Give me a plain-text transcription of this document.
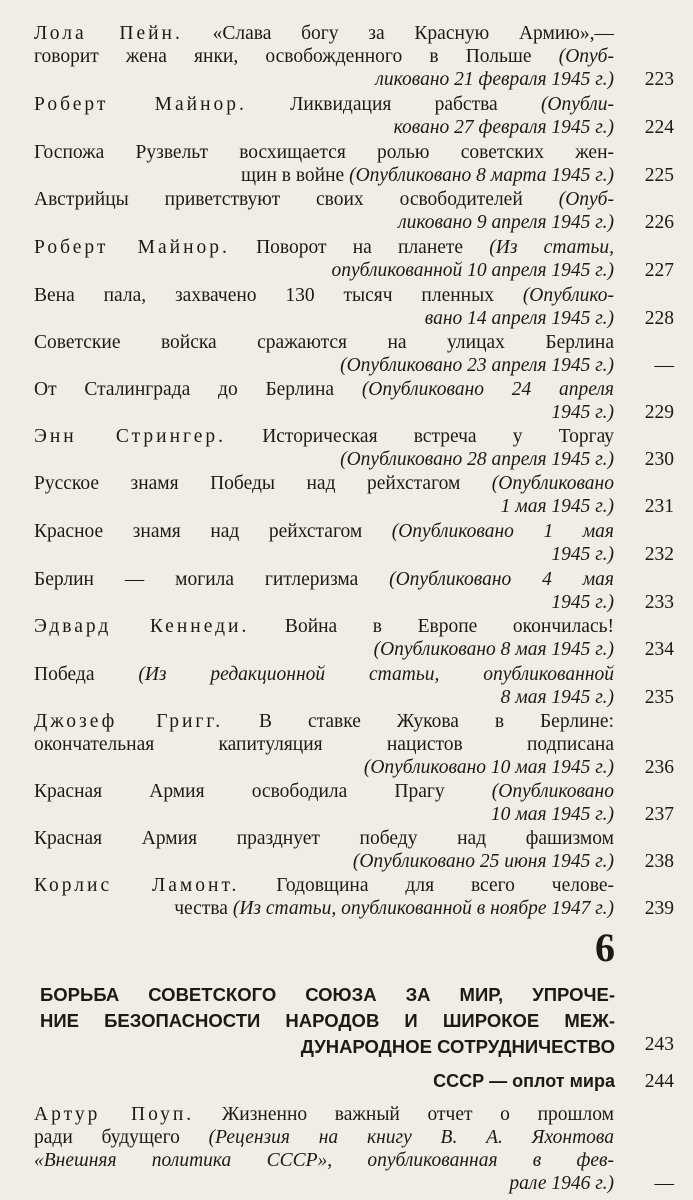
Лола Пейн. «Слава богу за Красную Армию»,—
говорит жена янки, освобожденного в Польше (Опуб-
ликовано 21 февраля 1945 г.)	223
Роберт Майнор. Ликвидация рабства (Опубли-
ковано 27 февраля 1945 г.)	224
Госпожа Рузвельт восхищается ролью советских жен-
щин в войне (Опубликовано 8 марта 1945 г.)	225
Австрийцы приветствуют своих освободителей (Опуб-
ликовано 9 апреля 1945 г.)	226
Роберт Майнор. Поворот на планете (Из статьи,
опубликованной 10 апреля 1945 г.)	227
Вена пала, захвачено 130 тысяч пленных (Опублико-
вано 14 апреля 1945 г.)	228
Советские войска сражаются на улицах Берлина
(Опубликовано 23 апреля 1945 г.)	—
От Сталинграда до Берлина (Опубликовано 24 апреля
1945 г.)	229
Энн Стрингер. Историческая встреча у Торгау
(Опубликовано 28 апреля 1945 г.)	230
Русское знамя Победы над рейхстагом (Опубликовано
1 мая 1945 г.)	231
Красное знамя над рейхстагом (Опубликовано 1 мая
1945 г.)	232
Берлин — могила гитлеризма (Опубликовано 4 мая
1945 г.)	233
Эдвард Кеннеди. Война в Европе окончилась!
(Опубликовано 8 мая 1945 г.)	234
Победа (Из редакционной статьи, опубликованной
8 мая 1945 г.)	235
Джозеф Григг. В ставке Жукова в Берлине:
окончательная капитуляция нацистов подписана
(Опубликовано 10 мая 1945 г.)	236
Красная Армия освободила Прагу (Опубликовано
10 мая 1945 г.)	237
Красная Армия празднует победу над фашизмом
(Опубликовано 25 июня 1945 г.)	238
Корлис Ламонт. Годовщина для всего челове-
чества (Из статьи, опубликованной в ноябре 1947 г.)	239
Артур Поуп. Жизненно важный отчет о прошлом
ради будущего (Рецензия на книгу В. А. Яхонтова
«Внешняя политика СССР», опубликованная в фев-
рале 1946 г.)	—
6
БОРЬБА СОВЕТСКОГО СОЮЗА ЗА МИР, УПРОЧЕ-
НИЕ БЕЗОПАСНОСТИ НАРОДОВ И ШИРОКОЕ МЕЖ-
ДУНАРОДНОЕ СОТРУДНИЧЕСТВО	243
СССР — оплот мира	244
